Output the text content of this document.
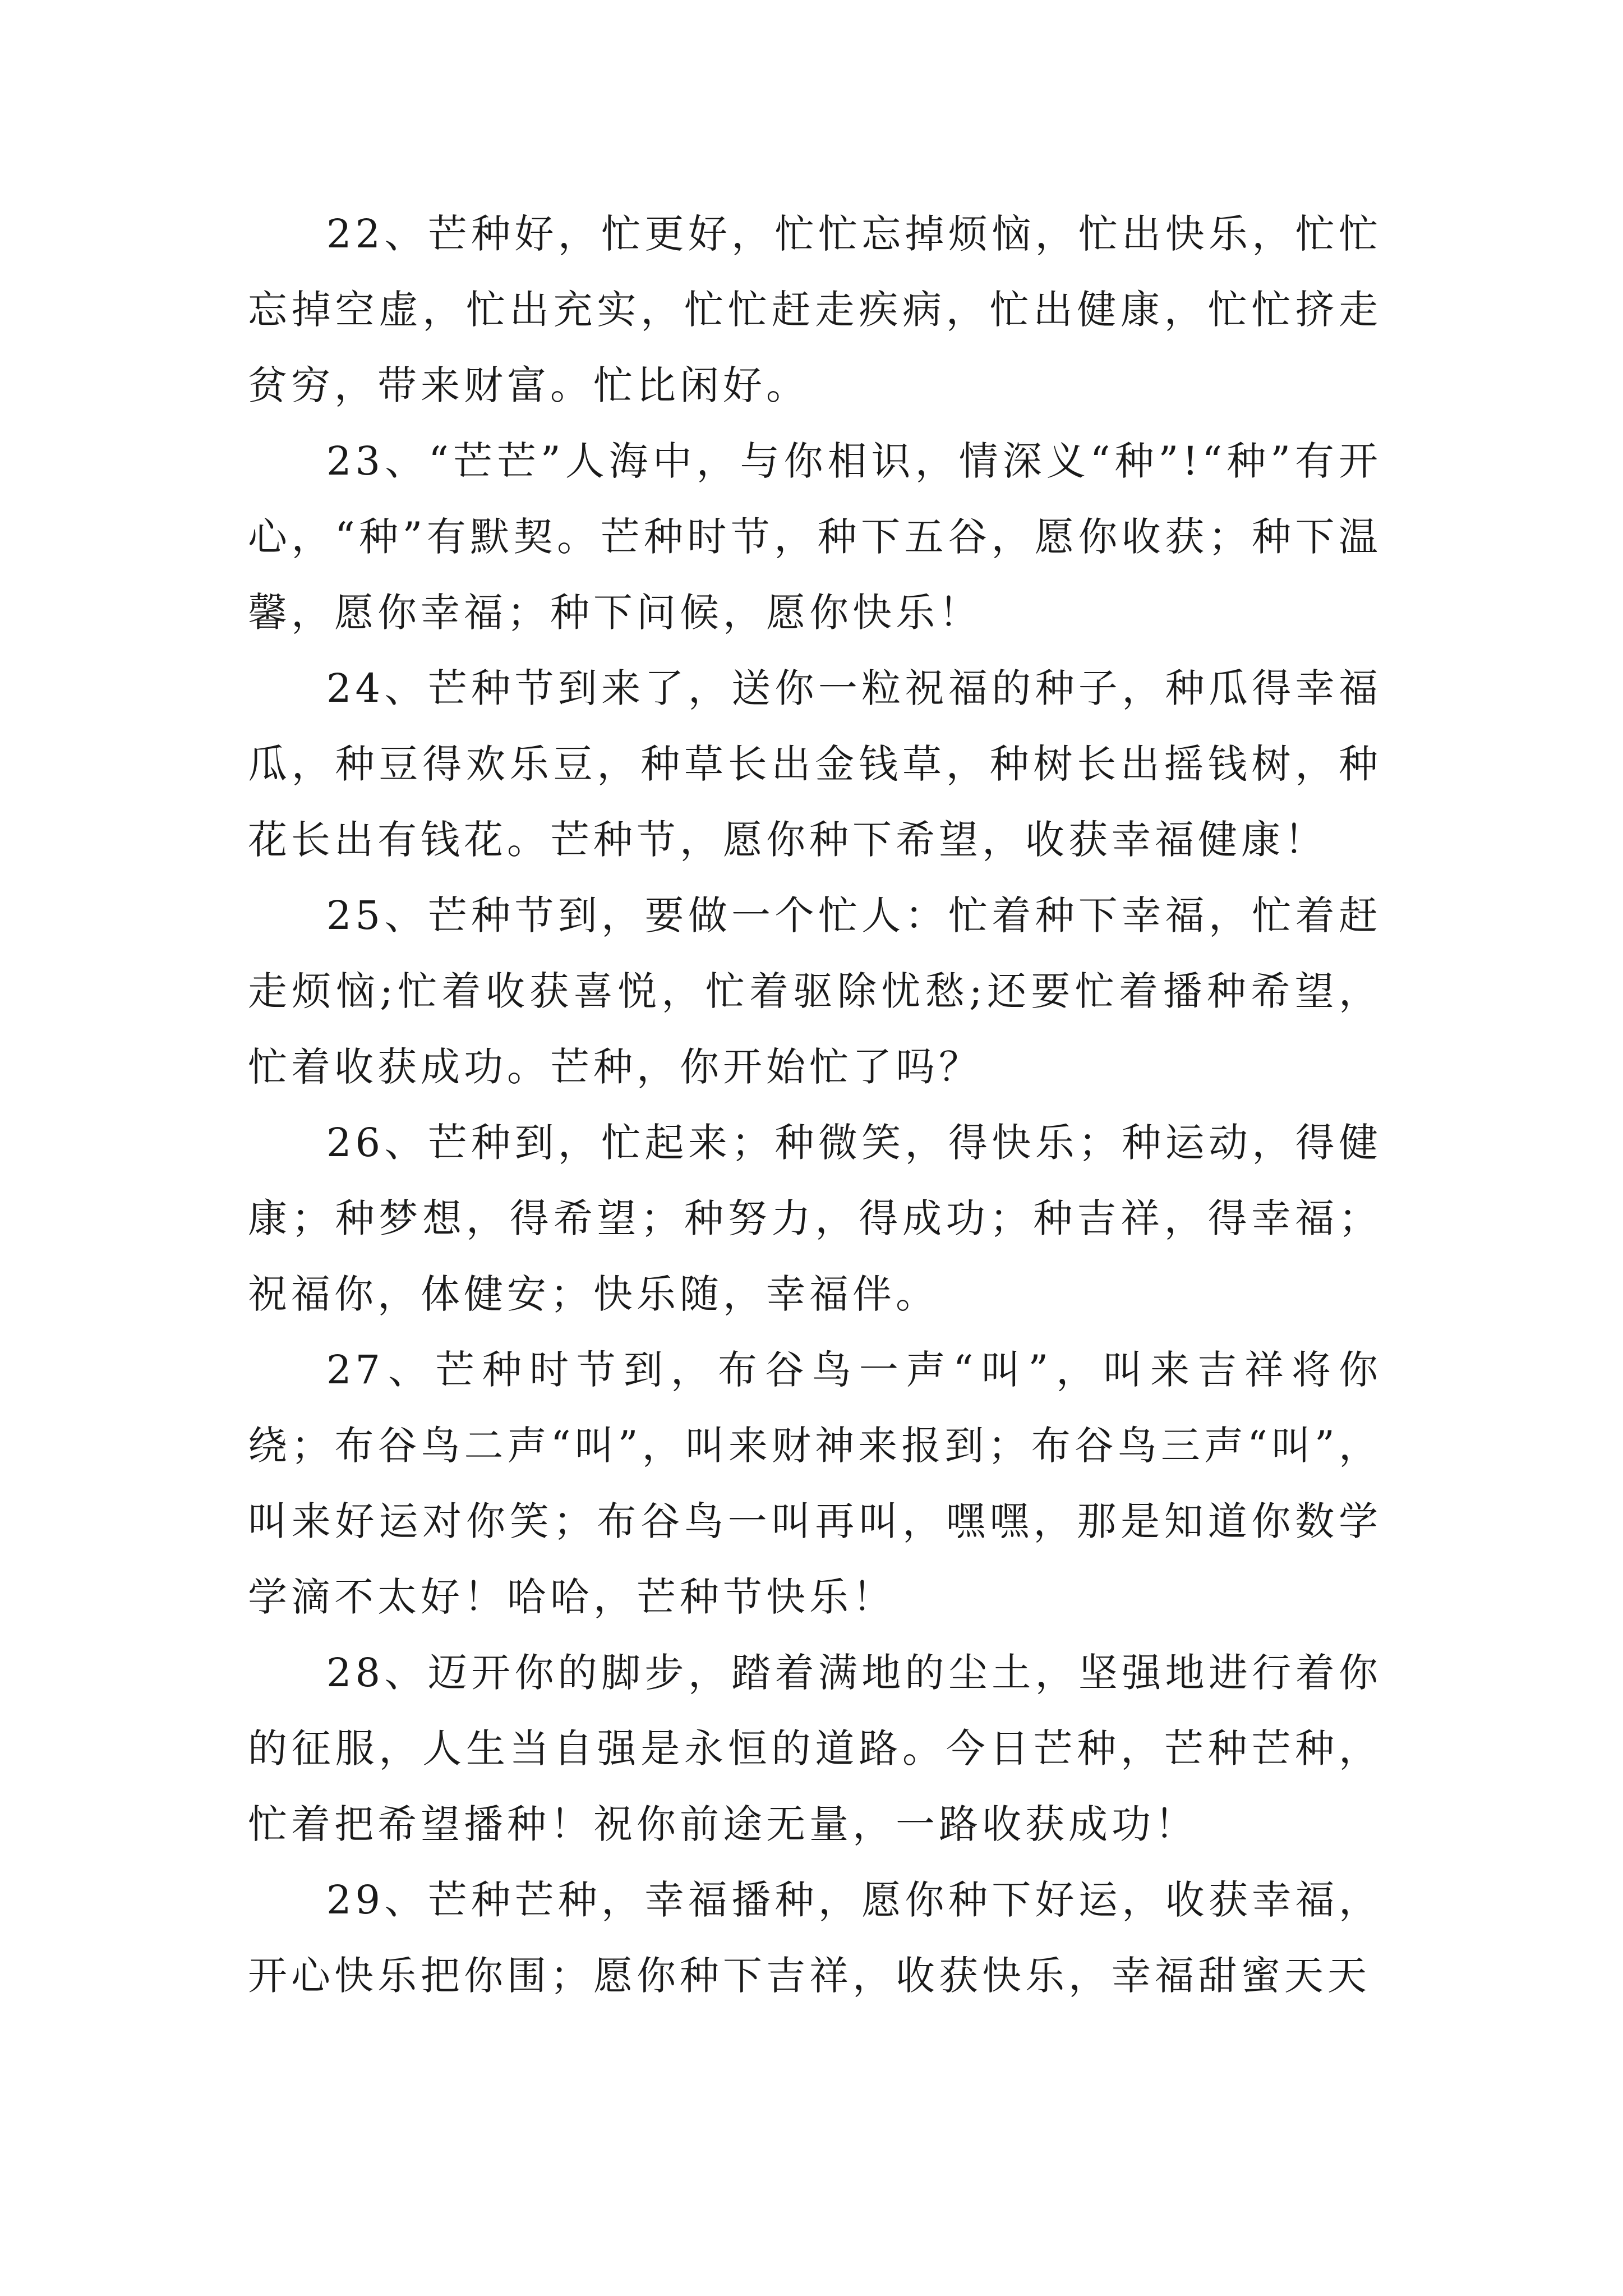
22、芒种好，忙更好，忙忙忘掉烦恼，忙出快乐，忙忙忘掉空虚，忙出充实，忙忙赶走疾病，忙出健康，忙忙挤走贫穷，带来财富。忙比闲好。

23、“芒芒”人海中，与你相识，情深义“种”!“种”有开心，“种”有默契。芒种时节，种下五谷，愿你收获；种下温馨，愿你幸福；种下问候，愿你快乐！

24、芒种节到来了，送你一粒祝福的种子，种瓜得幸福瓜，种豆得欢乐豆，种草长出金钱草，种树长出摇钱树，种花长出有钱花。芒种节，愿你种下希望，收获幸福健康！

25、芒种节到，要做一个忙人：忙着种下幸福，忙着赶走烦恼;忙着收获喜悦，忙着驱除忧愁;还要忙着播种希望，忙着收获成功。芒种，你开始忙了吗？

26、芒种到，忙起来；种微笑，得快乐；种运动，得健康；种梦想，得希望；种努力，得成功；种吉祥，得幸福；祝福你，体健安；快乐随，幸福伴。

27、芒种时节到，布谷鸟一声“叫”，叫来吉祥将你绕；布谷鸟二声“叫”，叫来财神来报到；布谷鸟三声“叫”，叫来好运对你笑；布谷鸟一叫再叫，嘿嘿，那是知道你数学学滴不太好！哈哈，芒种节快乐！

28、迈开你的脚步，踏着满地的尘土，坚强地进行着你的征服，人生当自强是永恒的道路。今日芒种，芒种芒种，忙着把希望播种！祝你前途无量，一路收获成功！

29、芒种芒种，幸福播种，愿你种下好运，收获幸福，开心快乐把你围；愿你种下吉祥，收获快乐，幸福甜蜜天天
